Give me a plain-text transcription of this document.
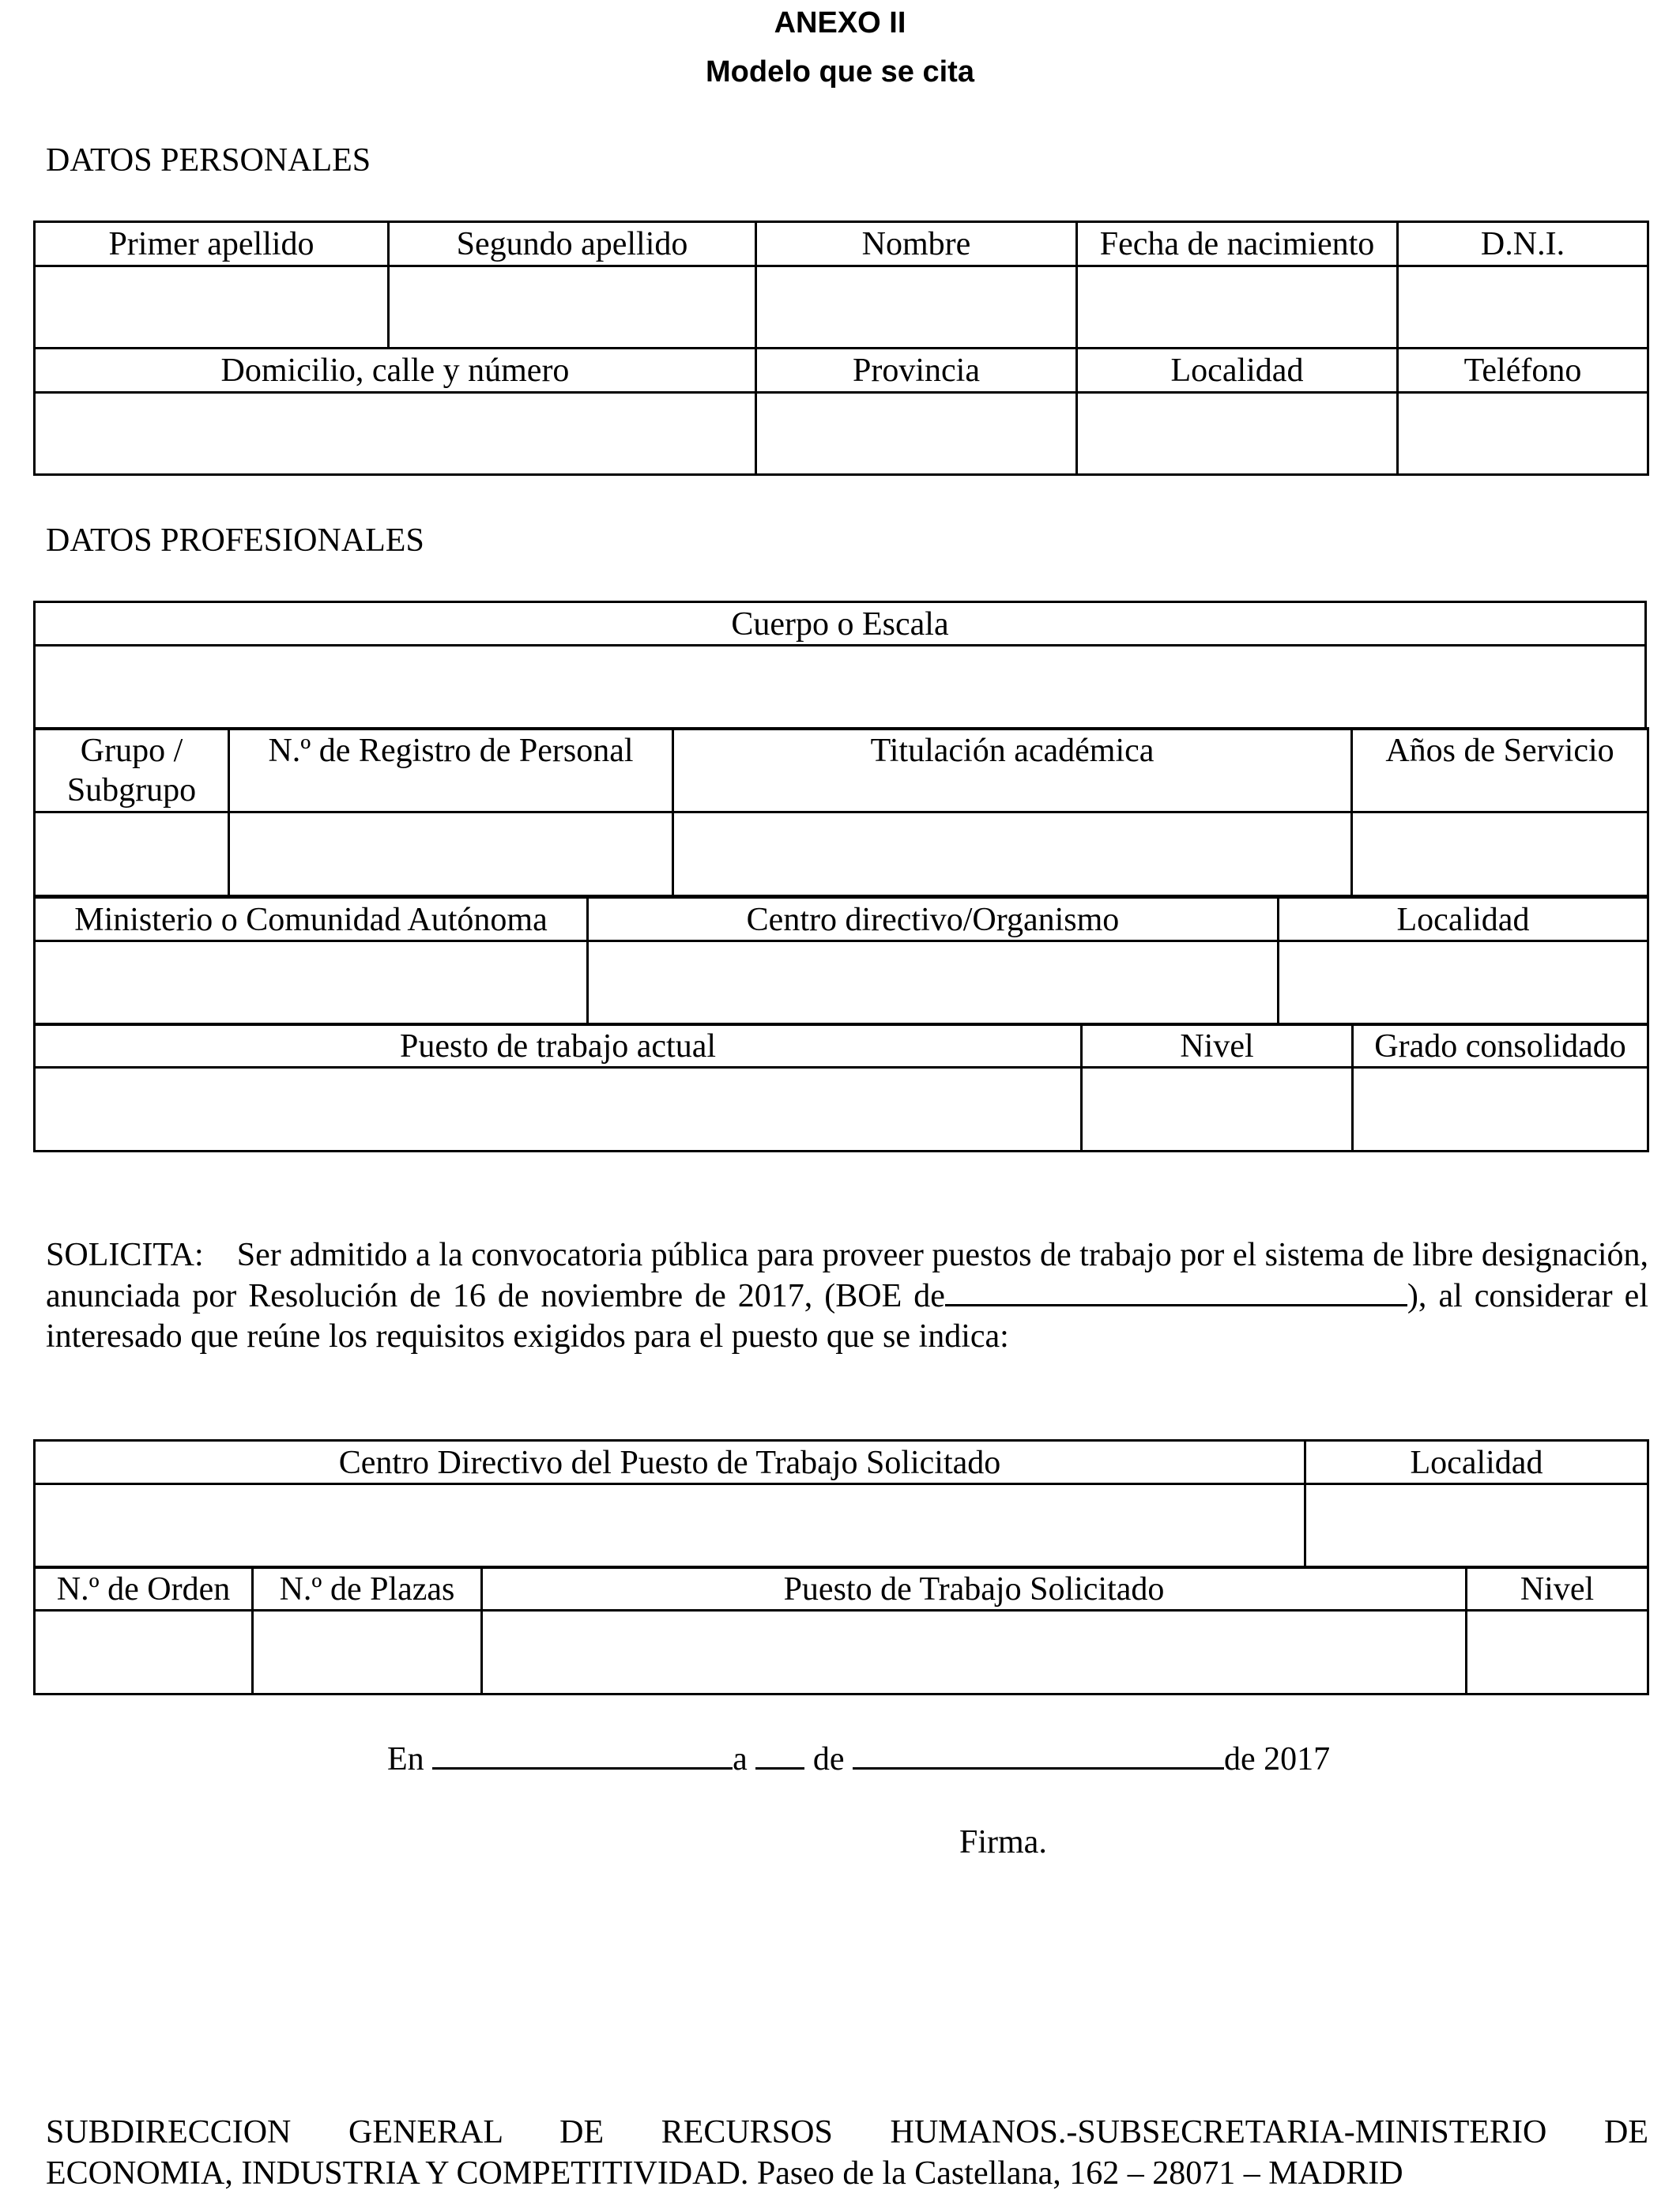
ANEXO II
Modelo que se cita
DATOS PERSONALES
Primer apellido	Segundo apellido	Nombre	Fecha de nacimiento	D.N.I.

Domicilio, calle y número		Provincia	Localidad	Teléfono

DATOS PROFESIONALES
Cuerpo o Escala

Grupo / Subgrupo	N.º de Registro de Personal	Titulación académica	Años de Servicio

Ministerio o Comunidad Autónoma	Centro directivo/Organismo	Localidad

Puesto de trabajo actual	Nivel	Grado consolidado

SOLICITA: Ser admitido a la convocatoria pública para proveer puestos de trabajo por el sistema de libre designación, anunciada por Resolución de 16 de noviembre de 2017, (BOE de	), al considerar el interesado que reúne los requisitos exigidos para el puesto que se indica:
Centro Directivo del Puesto de Trabajo Solicitado	Localidad

N.º de Orden	N.º de Plazas	Puesto de Trabajo Solicitado	Nivel

En	a de	de 2017
Firma.
SUBDIRECCION GENERAL DE RECURSOS HUMANOS.-SUBSECRETARIA-MINISTERIO DE
ECONOMIA, INDUSTRIA Y COMPETITIVIDAD. Paseo de la Castellana, 162 – 28071 – MADRID
